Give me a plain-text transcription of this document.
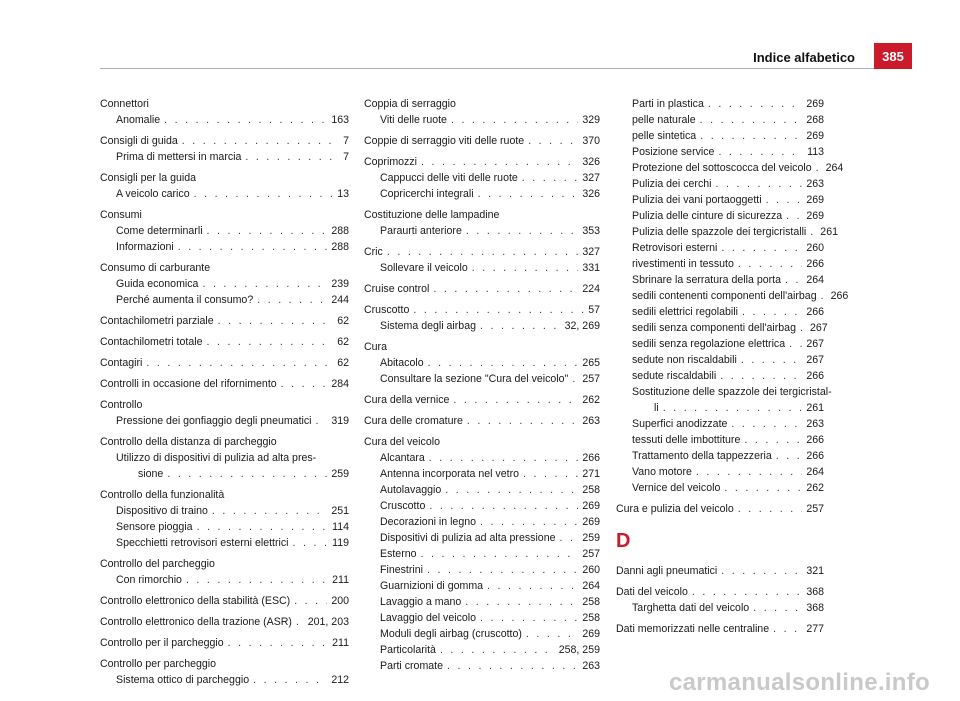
Indice alfabetico	385
Connettori
Anomalie . . .	163
Consigli di guida . . .	7
Prima di mettersi in marcia . . .	7
Consigli per la guida
A veicolo carico . . .	13
Consumi
Come determinarli . . .	288
Informazioni . . .	288
Consumo di carburante
Guida economica . . .	239
Perché aumenta il consumo? . . .	244
Contachilometri parziale . . .	62
Contachilometri totale . . .	62
Contagiri . . .	62
Controlli in occasione del rifornimento . . .	284
Controllo
Pressione dei gonfiaggio degli pneumatici . . . 319
Controllo della distanza di parcheggio
Utilizzo di dispositivi di pulizia ad alta pres-
sione . . .	259
Controllo della funzionalità
Dispositivo di traino . . .	251
Sensore pioggia . . .	114
Specchietti retrovisori esterni elettrici . . .	119
Controllo del parcheggio
Con rimorchio . . .	211
Controllo elettronico della stabilità (ESC) . . .	200
Controllo elettronico della trazione (ASR) . . . 201, 203
Controllo per il parcheggio . . .	211
Controllo per parcheggio
Sistema ottico di parcheggio . . .	212
Coppia di serraggio
Viti delle ruote . . .	329
Coppie di serraggio viti delle ruote . . .	370
Coprimozzi . . .	326
Cappucci delle viti delle ruote . . .	327
Copricerchi integrali . . .	326
Costituzione delle lampadine
Paraurti anteriore . . .	353
Cric . . .	327
Sollevare il veicolo . . .	331
Cruise control . . .	224
Cruscotto . . .	57
Sistema degli airbag . . .	32, 269
Cura
Abitacolo . . .	265
Consultare la sezione "Cura del veicolo" . . . 257
Cura della vernice . . .	262
Cura delle cromature . . .	263
Cura del veicolo
Alcantara . . .	266
Antenna incorporata nel vetro . . .	271
Autolavaggio . . .	258
Cruscotto . . .	269
Decorazioni in legno . . .	269
Dispositivi di pulizia ad alta pressione . . .	259
Esterno . . .	257
Finestrini . . .	260
Guarnizioni di gomma . . .	264
Lavaggio a mano . . .	258
Lavaggio del veicolo . . .	258
Moduli degli airbag (cruscotto) . . .	269
Particolarità . . .	258, 259
Parti cromate . . .	263
Parti in plastica . . .	269
pelle naturale . . .	268
pelle sintetica . . .	269
Posizione service . . .	113
Protezione del sottoscocca del veicolo . . . 264
Pulizia dei cerchi . . .	263
Pulizia dei vani portaoggetti . . .	269
Pulizia delle cinture di sicurezza . . . 269
Pulizia delle spazzole dei tergicristalli . . . 261
Retrovisori esterni . . .	260
rivestimenti in tessuto . . .	266
Sbrinare la serratura della porta . . . 264
sedili contenenti componenti dell'airbag . . . 266
sedili elettrici regolabili . . .	266
sedili senza componenti dell'airbag . . . 267
sedili senza regolazione elettrica . . . 267
sedute non riscaldabili . . .	267
sedute riscaldabili . . .	266
Sostituzione delle spazzole dei tergicristal-
li . . .	261
Superfici anodizzate . . .	263
tessuti delle imbottiture . . .	266
Trattamento della tappezzeria . . .	266
Vano motore . . .	264
Vernice del veicolo . . .	262
Cura e pulizia del veicolo . . .	257
D
Danni agli pneumatici . . .	321
Dati del veicolo . . .	368
Targhetta dati del veicolo . . .	368
Dati memorizzati nelle centraline . . .	277
carmanualsonline.info
